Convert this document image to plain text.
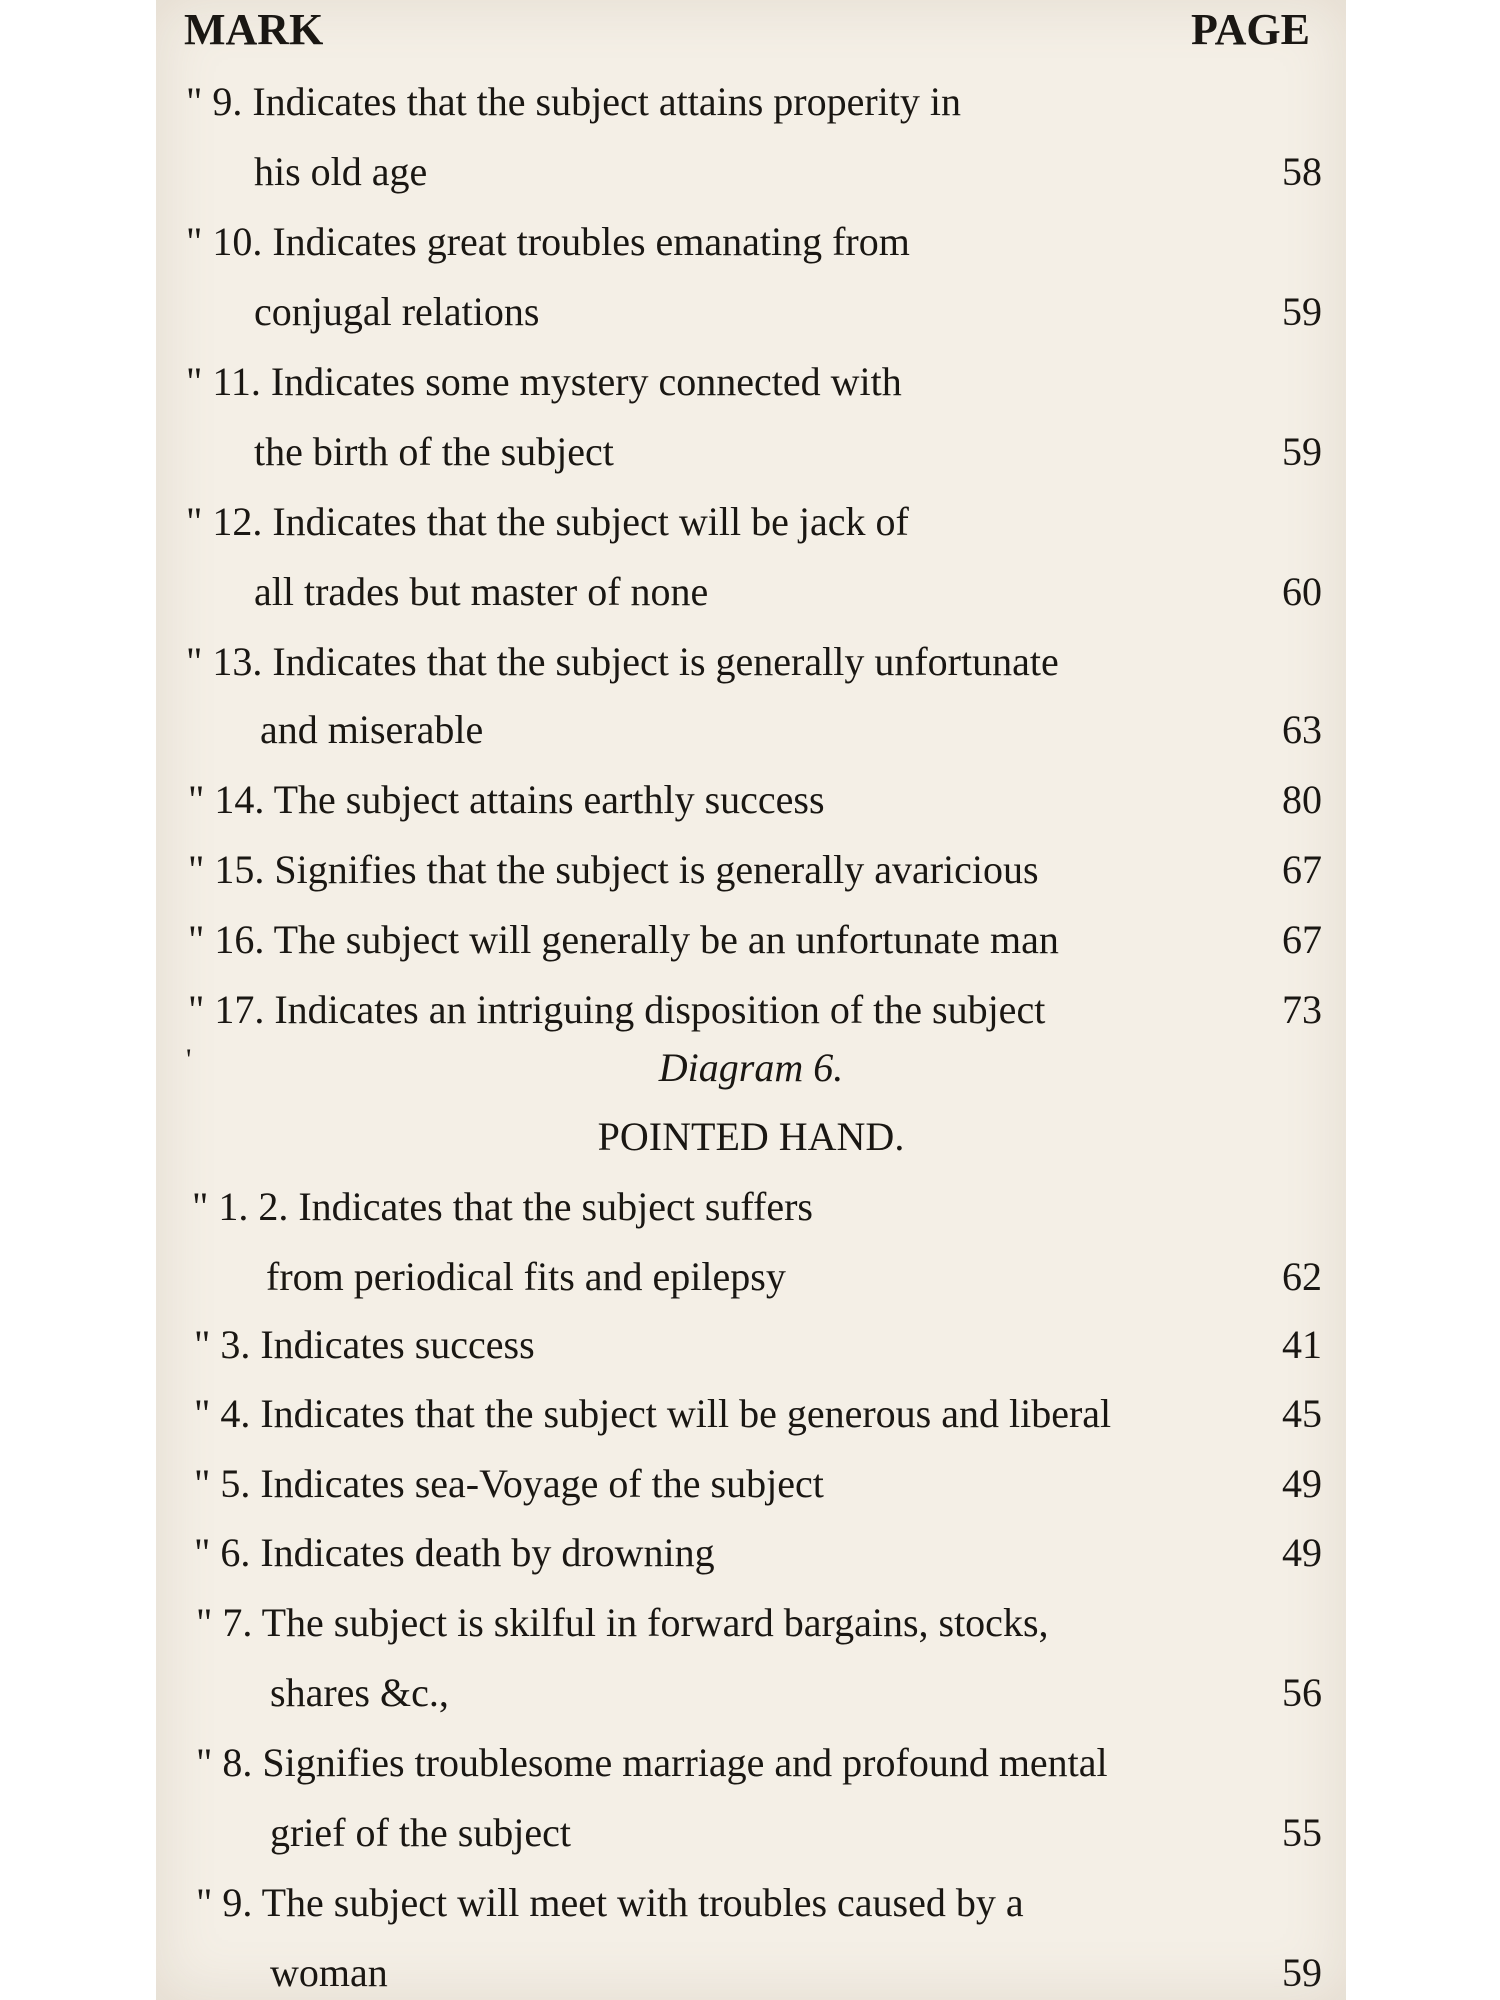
MARK	PAGE
" 9. Indicates that the subject attains properity in
his old age	58
" 10. Indicates great troubles emanating from
conjugal relations	59
" 11. Indicates some mystery connected with
the birth of the subject	59
" 12. Indicates that the subject will be jack of
all trades but master of none	60
" 13. Indicates that the subject is generally unfortunate
and miserable	63
" 14. The subject attains earthly success	80
" 15. Signifies that the subject is generally avaricious	67
" 16. The subject will generally be an unfortunate man	67
" 17. Indicates an intriguing disposition of the subject	73
'	Diagram 6.
POINTED HAND.
" 1. 2. Indicates that the subject suffers
from periodical fits and epilepsy	62
" 3. Indicates success	41
" 4. Indicates that the subject will be generous and liberal	45
" 5. Indicates sea-Voyage of the subject	49
" 6. Indicates death by drowning	49
" 7. The subject is skilful in forward bargains, stocks,
shares &c.,	56
" 8. Signifies troublesome marriage and profound mental
grief of the subject	55
" 9. The subject will meet with troubles caused by a
woman	59
